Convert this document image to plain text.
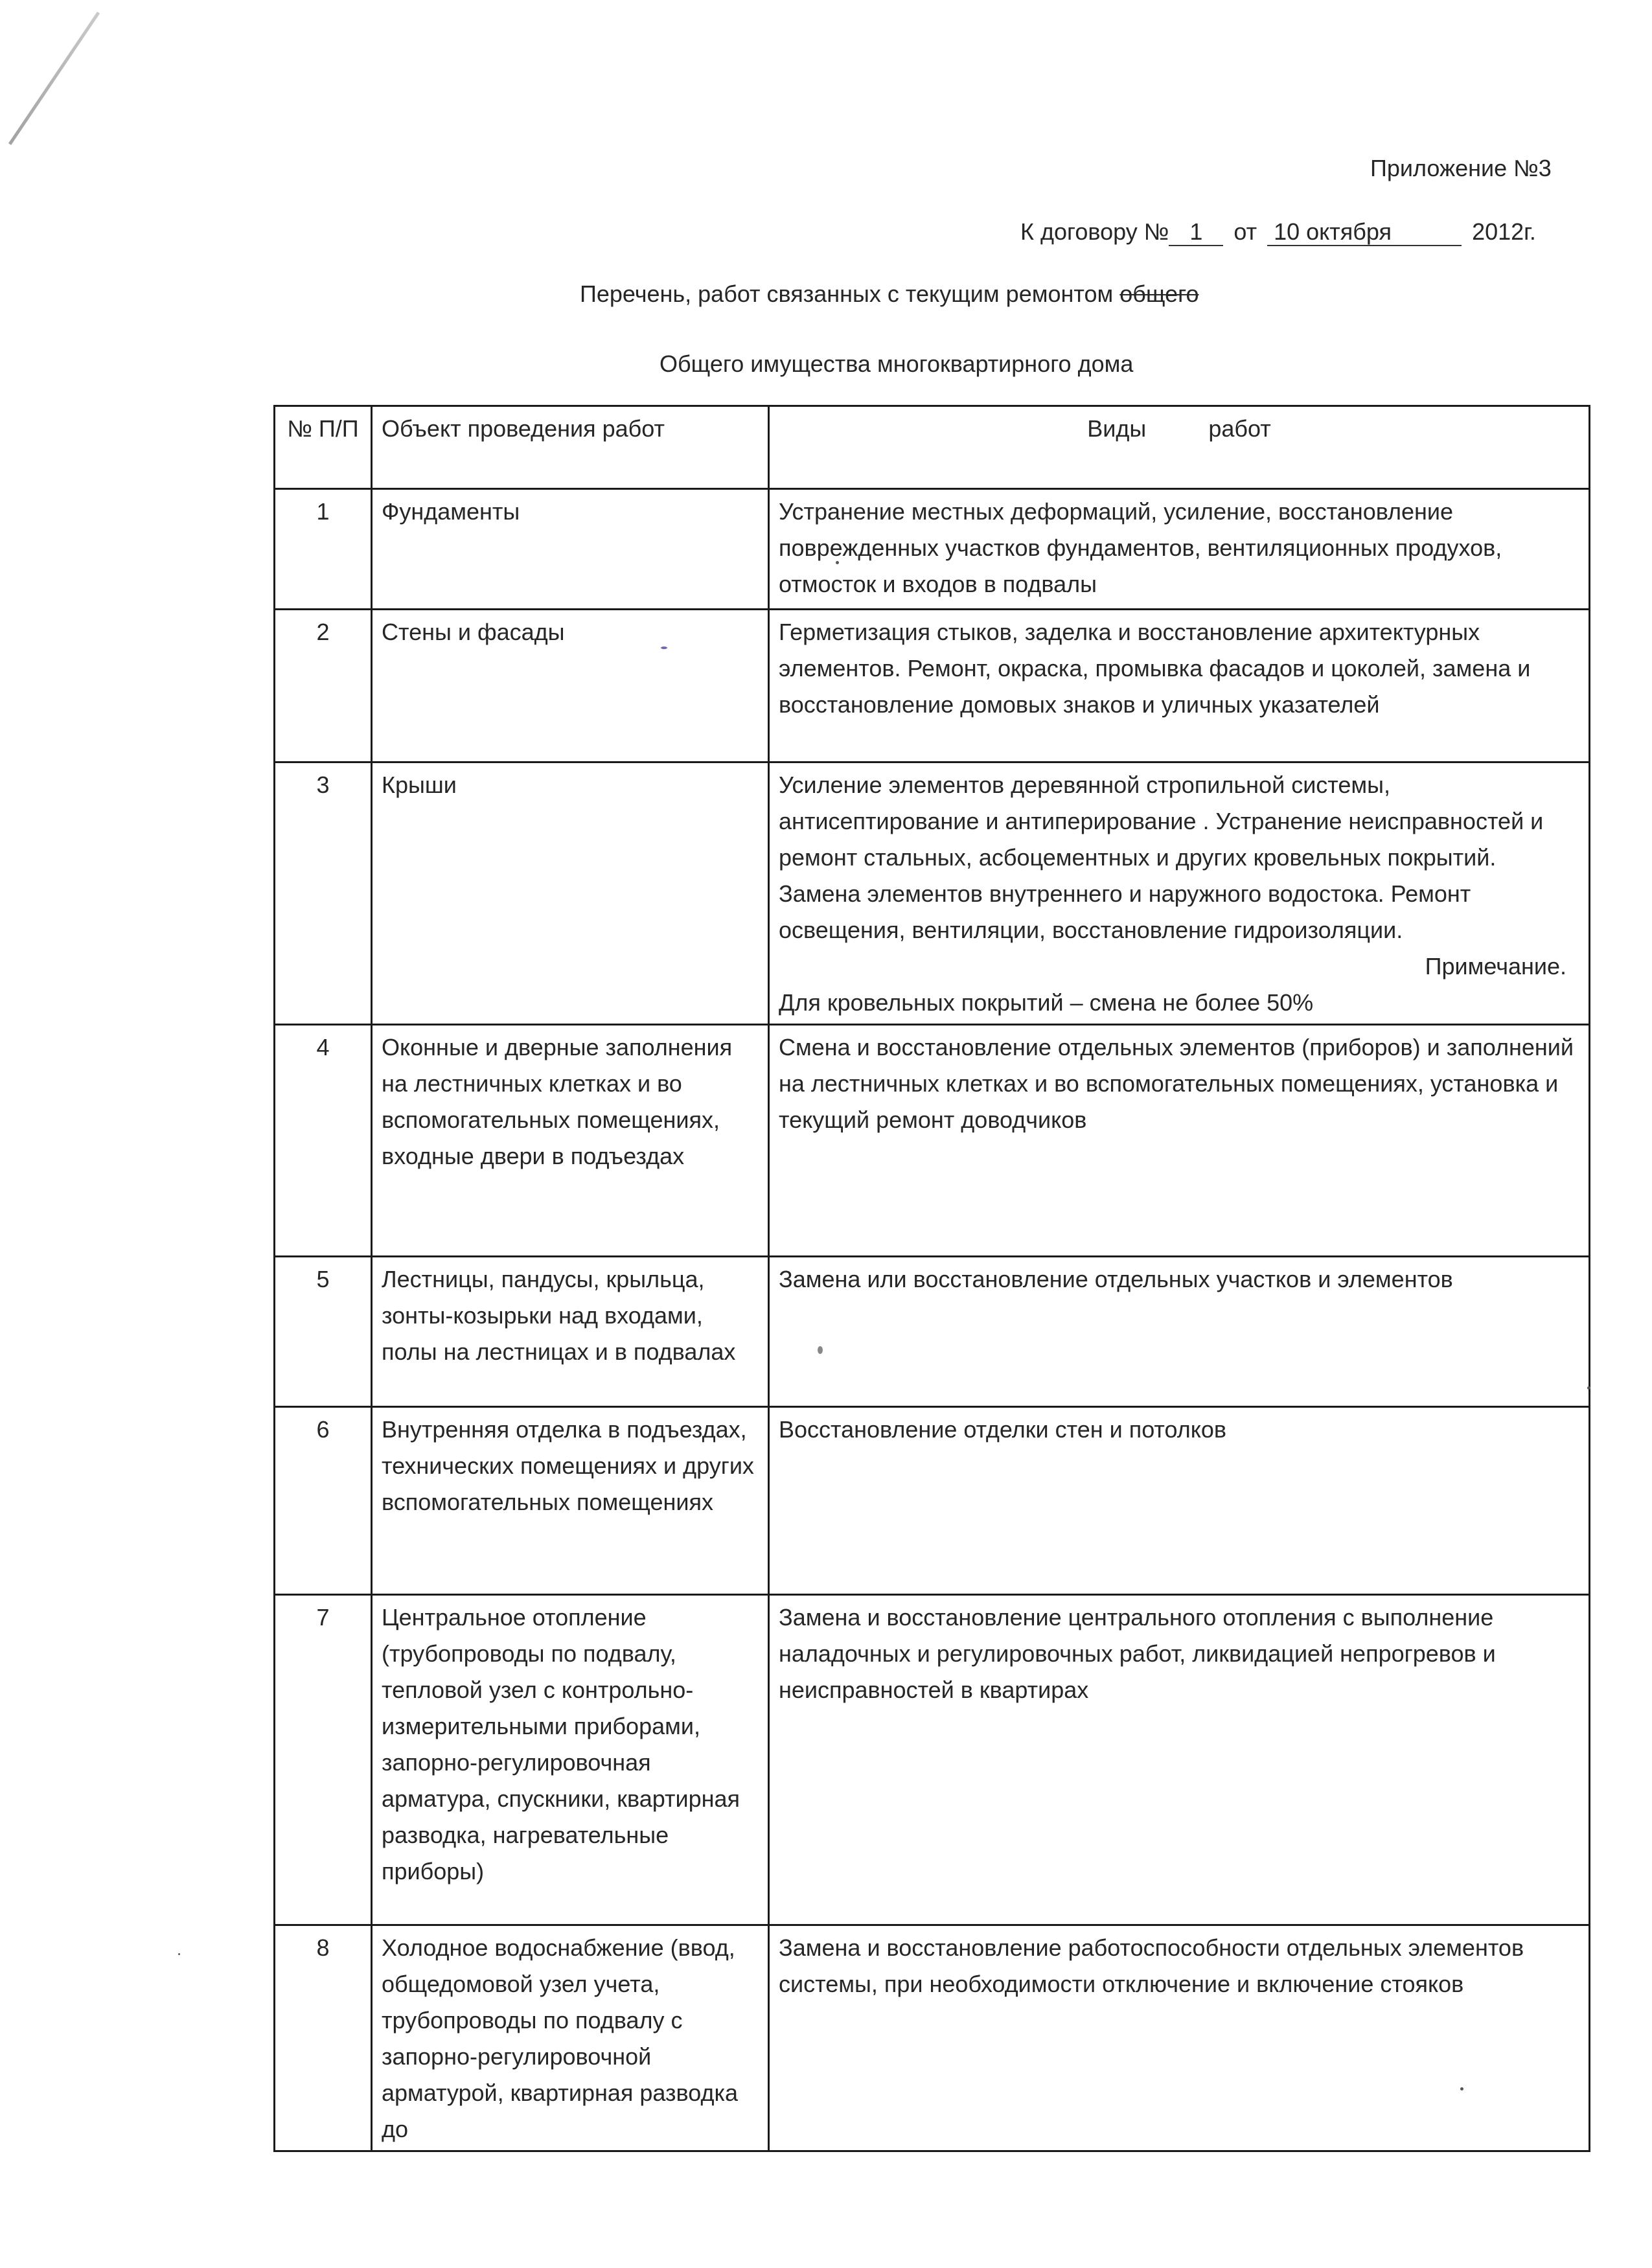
Приложение №3
К договору № 1 от 10 октября	2012г.
Перечень, работ связанных с текущим ремонтом общего
Общего имущества многоквартирного дома
№ П/П	Объект проведения работ	Виды работ
1	Фундаменты	Устранение местных деформаций, усиление, восстановление поврежденных участков фундаментов, вентиляционных продухов, отмосток и входов в подвалы
2	Стены и фасады	Герметизация стыков, заделка и восстановление архитектурных элементов. Ремонт, окраска, промывка фасадов и цоколей, замена и восстановление домовых знаков и уличных указателей
3	Крыши	Усиление элементов деревянной стропильной системы, антисептирование и антиперирование . Устранение неисправностей и ремонт стальных, асбоцементных и других кровельных покрытий. Замена элементов внутреннего и наружного водостока. Ремонт освещения, вентиляции, восстановление гидроизоляции.
Примечание.
Для кровельных покрытий – смена не более 50%
4	Оконные и дверные заполнения на лестничных клетках и во вспомогательных помещениях, входные двери в подъездах	Смена и восстановление отдельных элементов (приборов) и заполнений на лестничных клетках и во вспомогательных помещениях, установка и текущий ремонт доводчиков
5	Лестницы, пандусы, крыльца, зонты-козырьки над входами, полы на лестницах и в подвалах	Замена или восстановление отдельных участков и элементов
6	Внутренняя отделка в подъездах, технических помещениях и других вспомогательных помещениях	Восстановление отделки стен и потолков
7	Центральное отопление (трубопроводы по подвалу, тепловой узел с контрольно-измерительными приборами, запорно-регулировочная арматура, спускники, квартирная разводка, нагревательные приборы)	Замена и восстановление центрального отопления с выполнение наладочных и регулировочных работ, ликвидацией непрогревов и неисправностей в квартирах
8	Холодное водоснабжение (ввод, общедомовой узел учета, трубопроводы по подвалу с запорно-регулировочной арматурой, квартирная разводка до	Замена и восстановление работоспособности отдельных элементов системы, при необходимости отключение и включение стояков
